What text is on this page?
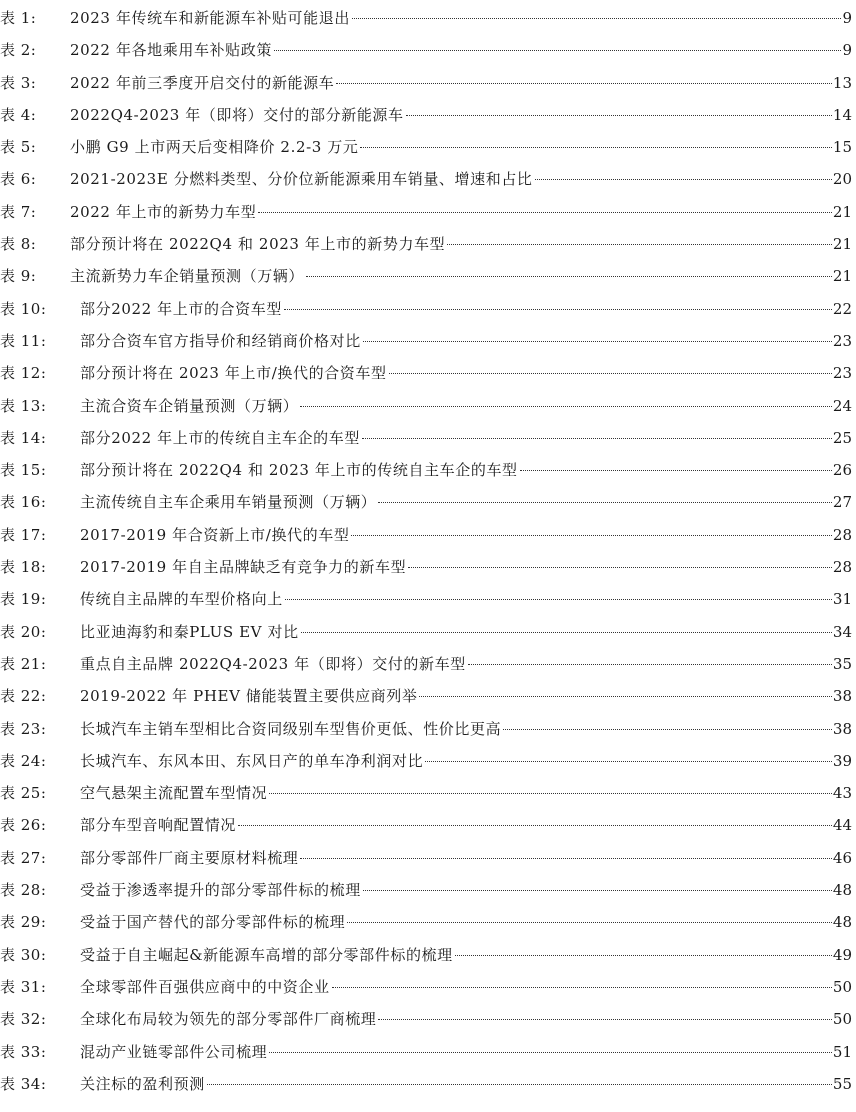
表 1:	2023 年传统车和新能源车补贴可能退出	9
表 2:	2022 年各地乘用车补贴政策	9
表 3:	2022 年前三季度开启交付的新能源车	13
表 4:	2022Q4-2023 年（即将）交付的部分新能源车	14
表 5:	小鹏 G9 上市两天后变相降价 2.2-3 万元	15
表 6:	2021-2023E 分燃料类型、分价位新能源乘用车销量、增速和占比	20
表 7:	2022 年上市的新势力车型	21
表 8:	部分预计将在 2022Q4 和 2023 年上市的新势力车型	21
表 9:	主流新势力车企销量预测（万辆）	21
表 10:	部分2022 年上市的合资车型	22
表 11:	部分合资车官方指导价和经销商价格对比	23
表 12:	部分预计将在 2023 年上市/换代的合资车型	23
表 13:	主流合资车企销量预测（万辆）	24
表 14:	部分2022 年上市的传统自主车企的车型	25
表 15:	部分预计将在 2022Q4 和 2023 年上市的传统自主车企的车型	26
表 16:	主流传统自主车企乘用车销量预测（万辆）	27
表 17:	2017-2019 年合资新上市/换代的车型	28
表 18:	2017-2019 年自主品牌缺乏有竞争力的新车型	28
表 19:	传统自主品牌的车型价格向上	31
表 20:	比亚迪海豹和秦PLUS EV 对比	34
表 21:	重点自主品牌 2022Q4-2023 年（即将）交付的新车型	35
表 22:	2019-2022 年 PHEV 储能装置主要供应商列举	38
表 23:	长城汽车主销车型相比合资同级别车型售价更低、性价比更高	38
表 24:	长城汽车、东风本田、东风日产的单车净利润对比	39
表 25:	空气悬架主流配置车型情况	43
表 26:	部分车型音响配置情况	44
表 27:	部分零部件厂商主要原材料梳理	46
表 28:	受益于渗透率提升的部分零部件标的梳理	48
表 29:	受益于国产替代的部分零部件标的梳理	48
表 30:	受益于自主崛起&新能源车高增的部分零部件标的梳理	49
表 31:	全球零部件百强供应商中的中资企业	50
表 32:	全球化布局较为领先的部分零部件厂商梳理	50
表 33:	混动产业链零部件公司梳理	51
表 34:	关注标的盈利预测	55
